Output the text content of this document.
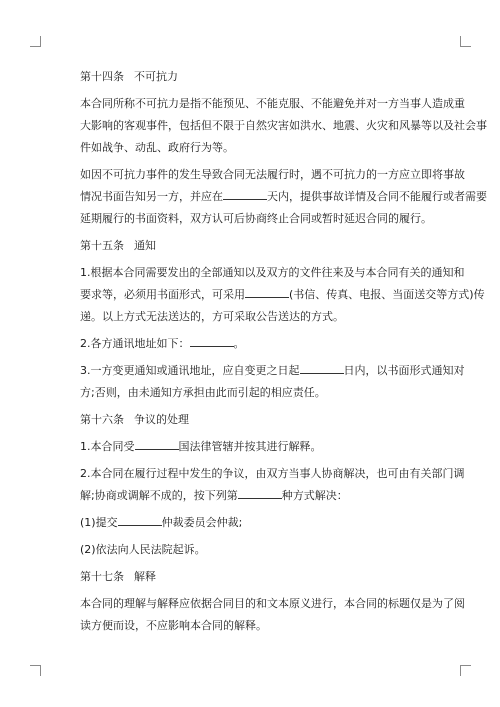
第十四条 不可抗力
本合同所称不可抗力是指不能预见、不能克服、不能避免并对一方当事人造成重
大影响的客观事件，包括但不限于自然灾害如洪水、地震、火灾和风暴等以及社会事
件如战争、动乱、政府行为等。
如因不可抗力事件的发生导致合同无法履行时，遇不可抗力的一方应立即将事故
情况书面告知另一方，并应在	天内，提供事故详情及合同不能履行或者需要
延期履行的书面资料，双方认可后协商终止合同或暂时延迟合同的履行。
第十五条 通知
1.根据本合同需要发出的全部通知以及双方的文件往来及与本合同有关的通知和
要求等，必须用书面形式，可采用	(书信、传真、电报、当面送交等方式)传
递。以上方式无法送达的，方可采取公告送达的方式。
2.各方通讯地址如下：	。
3.一方变更通知或通讯地址，应自变更之日起	日内，以书面形式通知对
方;否则，由未通知方承担由此而引起的相应责任。
第十六条 争议的处理
1.本合同受	国法律管辖并按其进行解释。
2.本合同在履行过程中发生的争议，由双方当事人协商解决，也可由有关部门调
解;协商或调解不成的，按下列第	种方式解决：
(1)提交	仲裁委员会仲裁;
(2)依法向人民法院起诉。
第十七条 解释
本合同的理解与解释应依据合同目的和文本原义进行，本合同的标题仅是为了阅
读方便而设，不应影响本合同的解释。
